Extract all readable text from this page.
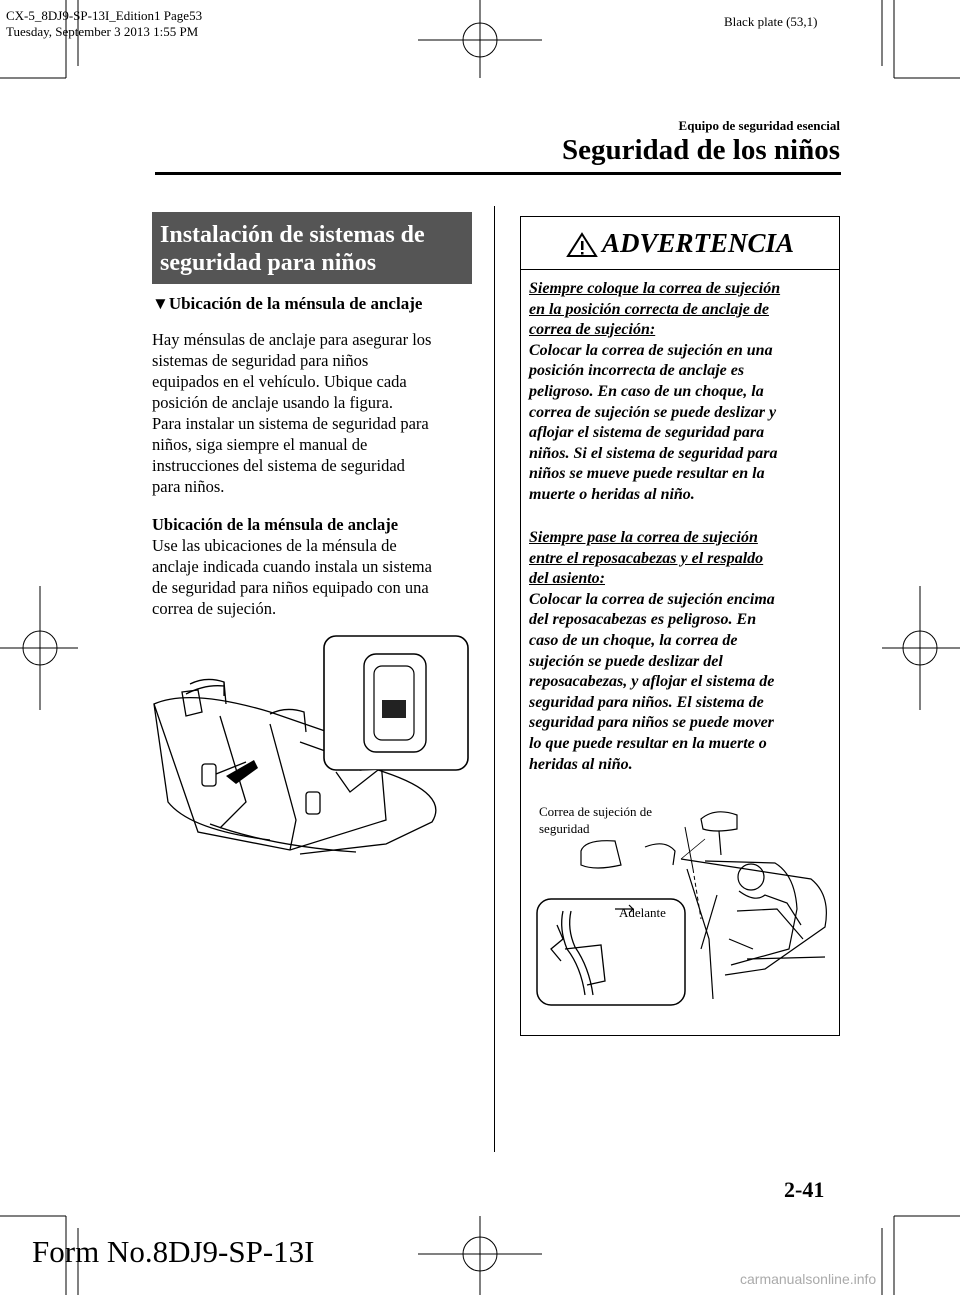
CX-5_8DJ9-SP-13I_Edition1 Page53
Tuesday, September 3 2013 1:55 PM
Black plate (53,1)
Equipo de seguridad esencial
Seguridad de los niños
Instalación de sistemas de
seguridad para niños
▼Ubicación de la ménsula de anclaje
Hay ménsulas de anclaje para asegurar los
sistemas de seguridad para niños
equipados en el vehículo. Ubique cada
posición de anclaje usando la figura.
Para instalar un sistema de seguridad para
niños, siga siempre el manual de
instrucciones del sistema de seguridad
para niños.
Ubicación de la ménsula de anclaje
Use las ubicaciones de la ménsula de
anclaje indicada cuando instala un sistema
de seguridad para niños equipado con una
correa de sujeción.
ADVERTENCIA
Siempre coloque la correa de sujeción
en la posición correcta de anclaje de
correa de sujeción:
Colocar la correa de sujeción en una
posición incorrecta de anclaje es
peligroso. En caso de un choque, la
correa de sujeción se puede deslizar y
aflojar el sistema de seguridad para
niños. Si el sistema de seguridad para
niños se mueve puede resultar en la
muerte o heridas al niño.
Siempre pase la correa de sujeción
entre el reposacabezas y el respaldo
del asiento:
Colocar la correa de sujeción encima
del reposacabezas es peligroso. En
caso de un choque, la correa de
sujeción se puede deslizar del
reposacabezas, y aflojar el sistema de
seguridad para niños. El sistema de
seguridad para niños se puede mover
lo que puede resultar en la muerte o
heridas al niño.
Correa de sujeción de
seguridad
Adelante
2-41
Form No.8DJ9-SP-13I
carmanualsonline.info
